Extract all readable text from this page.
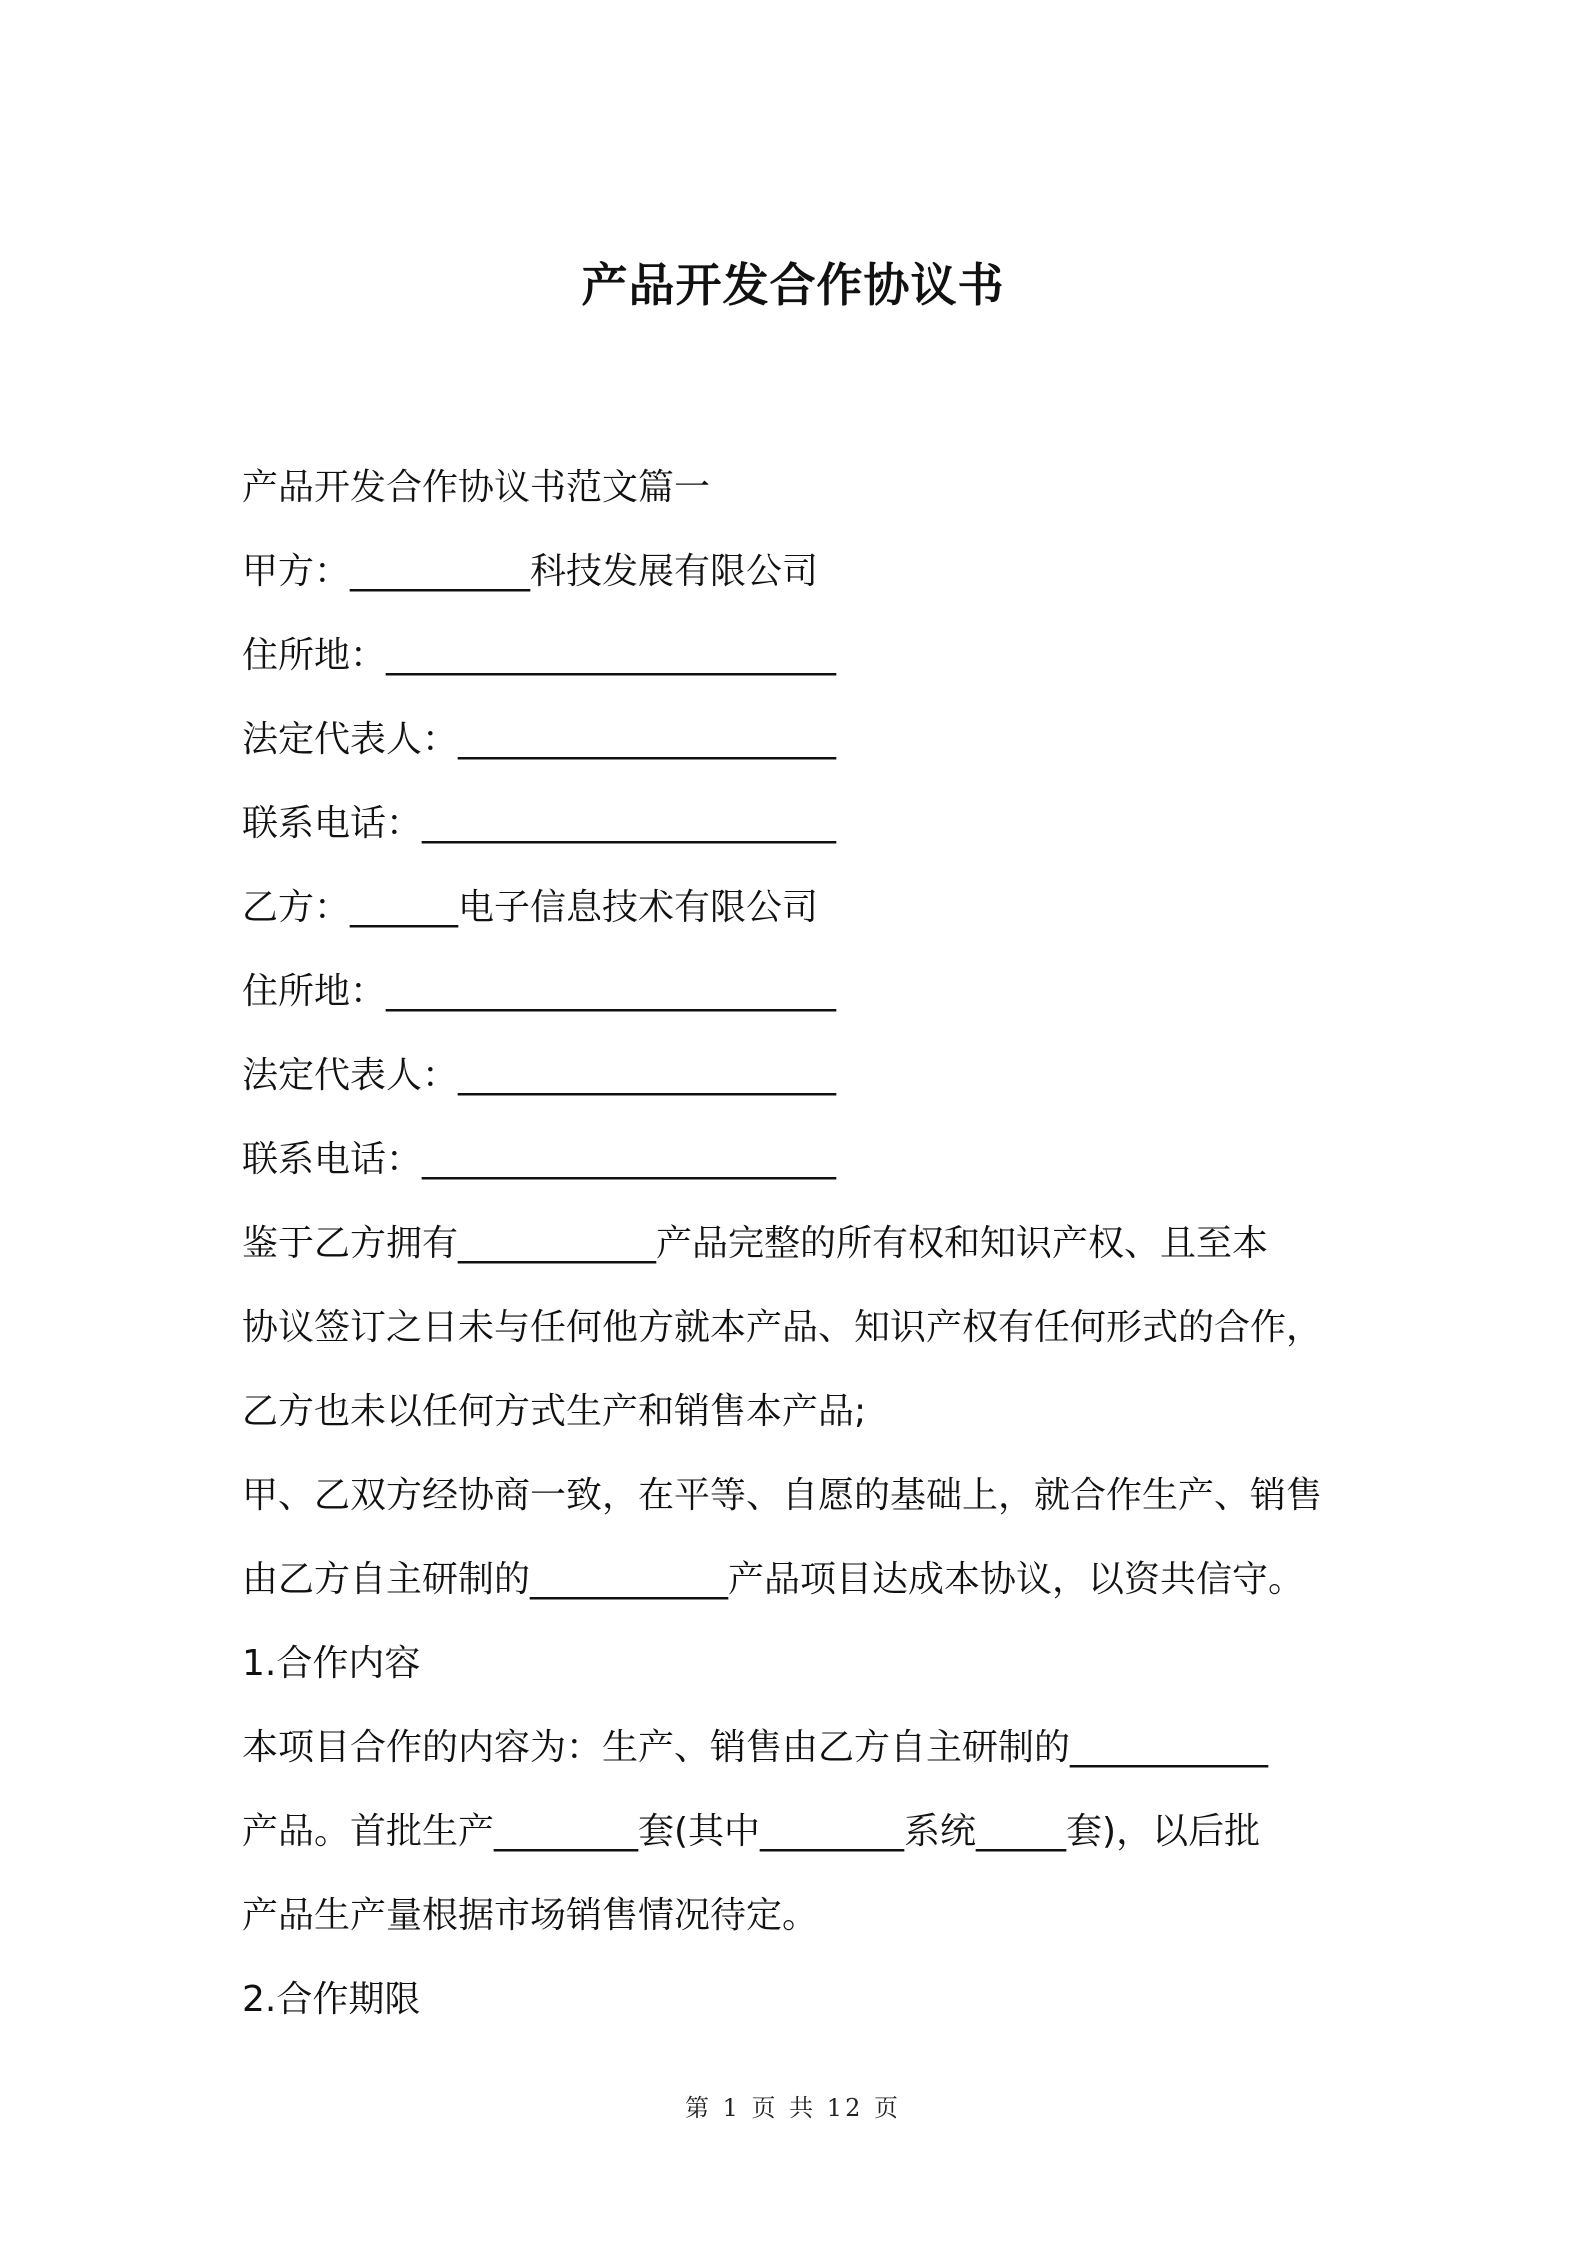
产品开发合作协议书

产品开发合作协议书范文篇一

甲方：__________科技发展有限公司

住所地：_________________________

法定代表人：_____________________

联系电话：_______________________

乙方：______电子信息技术有限公司

住所地：_________________________

法定代表人：_____________________

联系电话：_______________________

鉴于乙方拥有___________产品完整的所有权和知识产权、且至本

协议签订之日未与任何他方就本产品、知识产权有任何形式的合作，

乙方也未以任何方式生产和销售本产品;

甲、乙双方经协商一致，在平等、自愿的基础上，就合作生产、销售

由乙方自主研制的___________产品项目达成本协议，以资共信守。

1.合作内容

本项目合作的内容为：生产、销售由乙方自主研制的___________

产品。首批生产________套(其中________系统_____套)，以后批

产品生产量根据市场销售情况待定。

2.合作期限

第 1 页 共 12 页
